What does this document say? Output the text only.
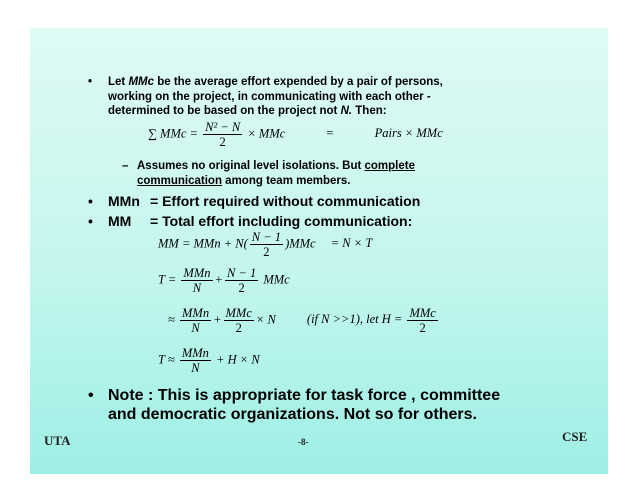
• Let MMc be the average effort expended by a pair of persons,
working on the project, in communicating with each other -
determined to be based on the project not N. Then:
∑ MMc = $\frac{\text{N² − N}}{2}$ × MMc	=	Pairs × MMc
– Assumes no original level isolations. But complete
communication among team members.
• MMn = Effort required without communication
• MM = Total effort including communication:
MM = MMn + $N( \frac{N - 1}{2} )MMc = N \times T$
$T = \frac{\text{MMn}}{N} + \frac{N - 1}{2}$ MMc
≈ $\frac{\text{MMn}}{N} + \frac{\text{MMc}}{2} \times N$ (if N >>1), let $H = \frac{\text{MMc}}{2}$
$T \approx \frac{\text{MMn}}{N} + H \times N$
• Note : This is appropriate for task force , committee
and democratic organizations. Not so for others.
UTA	-8-	CSE
